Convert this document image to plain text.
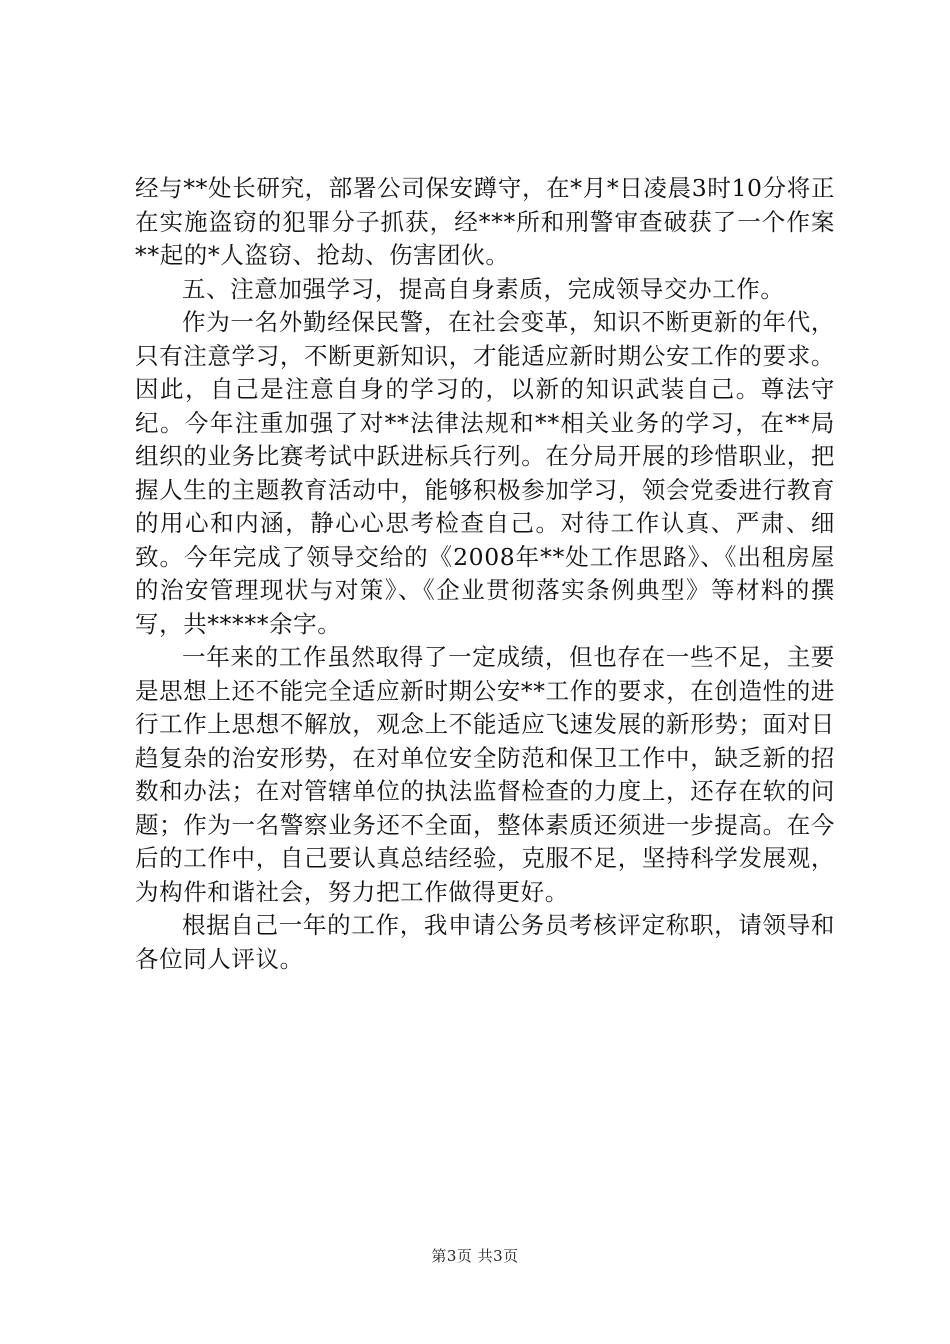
经与**处长研究，部署公司保安蹲守，在*月*日凌晨3时10分将正在实施盗窃的犯罪分子抓获，经***所和刑警审查破获了一个作案**起的*人盗窃、抢劫、伤害团伙。

五、注意加强学习，提高自身素质，完成领导交办工作。

作为一名外勤经保民警，在社会变革，知识不断更新的年代，只有注意学习，不断更新知识，才能适应新时期公安工作的要求。因此，自己是注意自身的学习的，以新的知识武装自己。尊法守纪。今年注重加强了对**法律法规和**相关业务的学习，在**局组织的业务比赛考试中跃进标兵行列。在分局开展的珍惜职业，把握人生的主题教育活动中，能够积极参加学习，领会党委进行教育的用心和内涵，静心心思考检查自己。对待工作认真、严肃、细致。今年完成了领导交给的《2008年**处工作思路》、《出租房屋的治安管理现状与对策》、《企业贯彻落实条例典型》等材料的撰写，共*****余字。

一年来的工作虽然取得了一定成绩，但也存在一些不足，主要是思想上还不能完全适应新时期公安**工作的要求，在创造性的进行工作上思想不解放，观念上不能适应飞速发展的新形势；面对日趋复杂的治安形势，在对单位安全防范和保卫工作中，缺乏新的招数和办法；在对管辖单位的执法监督检查的力度上，还存在软的问题；作为一名警察业务还不全面，整体素质还须进一步提高。在今后的工作中，自己要认真总结经验，克服不足，坚持科学发展观，为构件和谐社会，努力把工作做得更好。

根据自己一年的工作，我申请公务员考核评定称职，请领导和各位同人评议。

第3页 共3页
